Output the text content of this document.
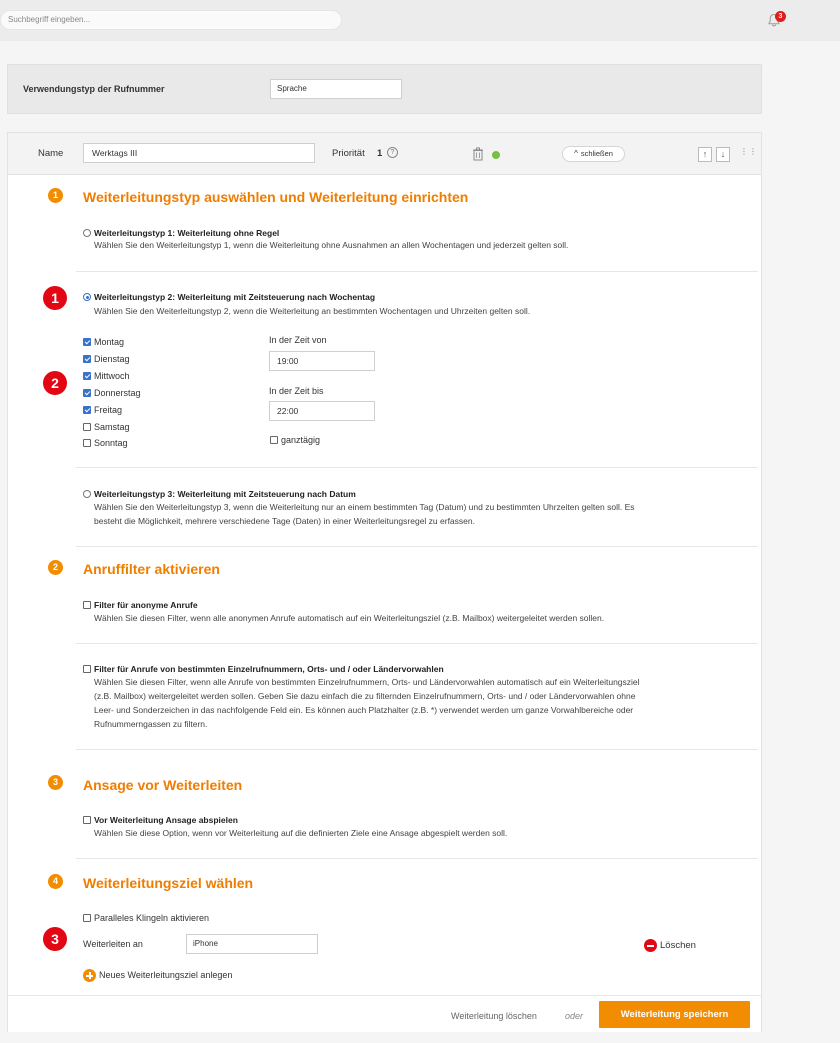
Suchbegriff eingeben...	3
Verwendungstyp der Rufnummer	Sprache
Name	Werktags III	Priorität 1	?	^ schließen	↑	↓	⋮⋮
1	Weiterleitungstyp auswählen und Weiterleitung einrichten
Weiterleitungstyp 1: Weiterleitung ohne Regel
Wählen Sie den Weiterleitungstyp 1, wenn die Weiterleitung ohne Ausnahmen an allen Wochentagen und jederzeit gelten soll.
Weiterleitungstyp 2: Weiterleitung mit Zeitsteuerung nach Wochentag
Wählen Sie den Weiterleitungstyp 2, wenn die Weiterleitung an bestimmten Wochentagen und Uhrzeiten gelten soll.
Montag
Dienstag
Mittwoch
Donnerstag
Freitag
Samstag
Sonntag
In der Zeit von
19:00
In der Zeit bis
22:00
ganztägig
Weiterleitungstyp 3: Weiterleitung mit Zeitsteuerung nach Datum
Wählen Sie den Weiterleitungstyp 3, wenn die Weiterleitung nur an einem bestimmten Tag (Datum) und zu bestimmten Uhrzeiten gelten soll. Es
besteht die Möglichkeit, mehrere verschiedene Tage (Daten) in einer Weiterleitungsregel zu erfassen.
2	Anruffilter aktivieren
Filter für anonyme Anrufe
Wählen Sie diesen Filter, wenn alle anonymen Anrufe automatisch auf ein Weiterleitungsziel (z.B. Mailbox) weitergeleitet werden sollen.
Filter für Anrufe von bestimmten Einzelrufnummern, Orts- und / oder Ländervorwahlen
Wählen Sie diesen Filter, wenn alle Anrufe von bestimmten Einzelrufnummern, Orts- und Ländervorwahlen automatisch auf ein Weiterleitungsziel
(z.B. Mailbox) weitergeleitet werden sollen. Geben Sie dazu einfach die zu filternden Einzelrufnummern, Orts- und / oder Ländervorwahlen ohne
Leer- und Sonderzeichen in das nachfolgende Feld ein. Es können auch Platzhalter (z.B. *) verwendet werden um ganze Vorwahlbereiche oder
Rufnummerngassen zu filtern.
3	Ansage vor Weiterleiten
Vor Weiterleitung Ansage abspielen
Wählen Sie diese Option, wenn vor Weiterleitung auf die definierten Ziele eine Ansage abgespielt werden soll.
4	Weiterleitungsziel wählen
Paralleles Klingeln aktivieren
Weiterleiten an	iPhone	Löschen
Neues Weiterleitungsziel anlegen
Weiterleitung löschen	oder	Weiterleitung speichern
1
2
3
